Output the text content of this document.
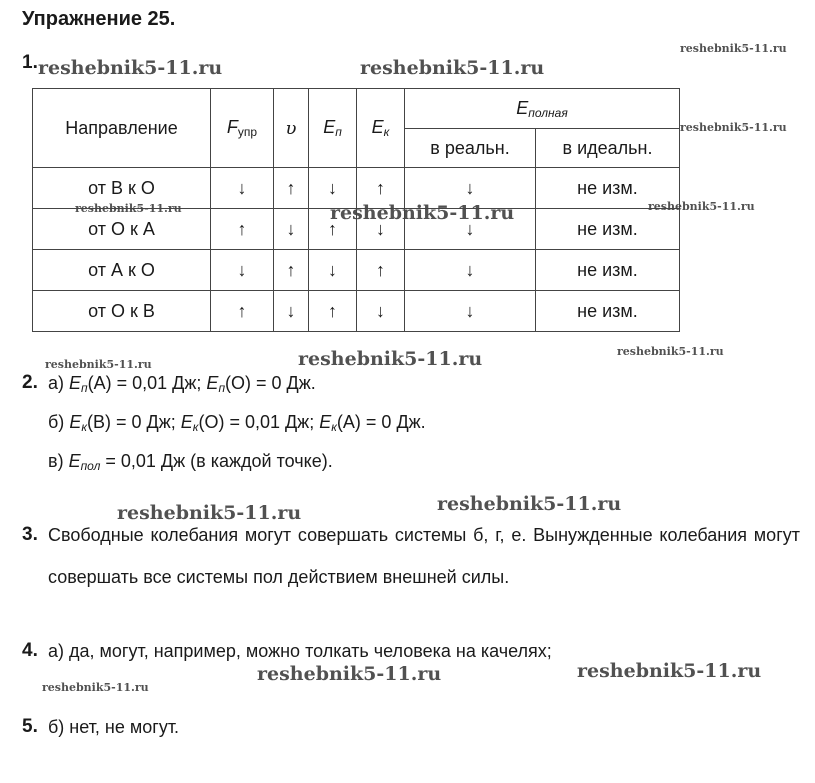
Упражнение 25.
reshebnik5-11.ru
reshebnik5-11.ru	reshebnik5-11.ru
reshebnik5-11.ru
reshebnik5-11.ru	reshebnik5-11.ru	reshebnik5-11.ru
1.
Направление	$F_{упр}$	υ	$E_п$	$E_к$	$E_{полная}$
					в реальн.	в идеальн.
от В к О	↓	↑	↓	↑	↓	не изм.
от О к А	↑	↓	↑	↓	↓	не изм.
от А к О	↓	↑	↓	↑	↓	не изм.
от О к В	↑	↓	↑	↓	↓	не изм.
reshebnik5-11.ru	reshebnik5-11.ru	reshebnik5-11.ru
2. а) $E_п(А) = 0,01$ Дж; $E_п(О) = 0$ Дж.
б) $E_к(В) = 0$ Дж; $E_к(О) = 0,01$ Дж; $E_к(А) = 0$ Дж.
в) $E_{пол} = 0,01$ Дж (в каждой точке).
reshebnik5-11.ru
reshebnik5-11.ru
3. Свободные колебания могут совершать системы б, г, е. Вынужденные колебания могут совершать все системы пол действием внешней силы.
4. а) да, могут, например, можно толкать человека на качелях;
reshebnik5-11.ru
reshebnik5-11.ru	reshebnik5-11.ru
5. б) нет, не могут.
